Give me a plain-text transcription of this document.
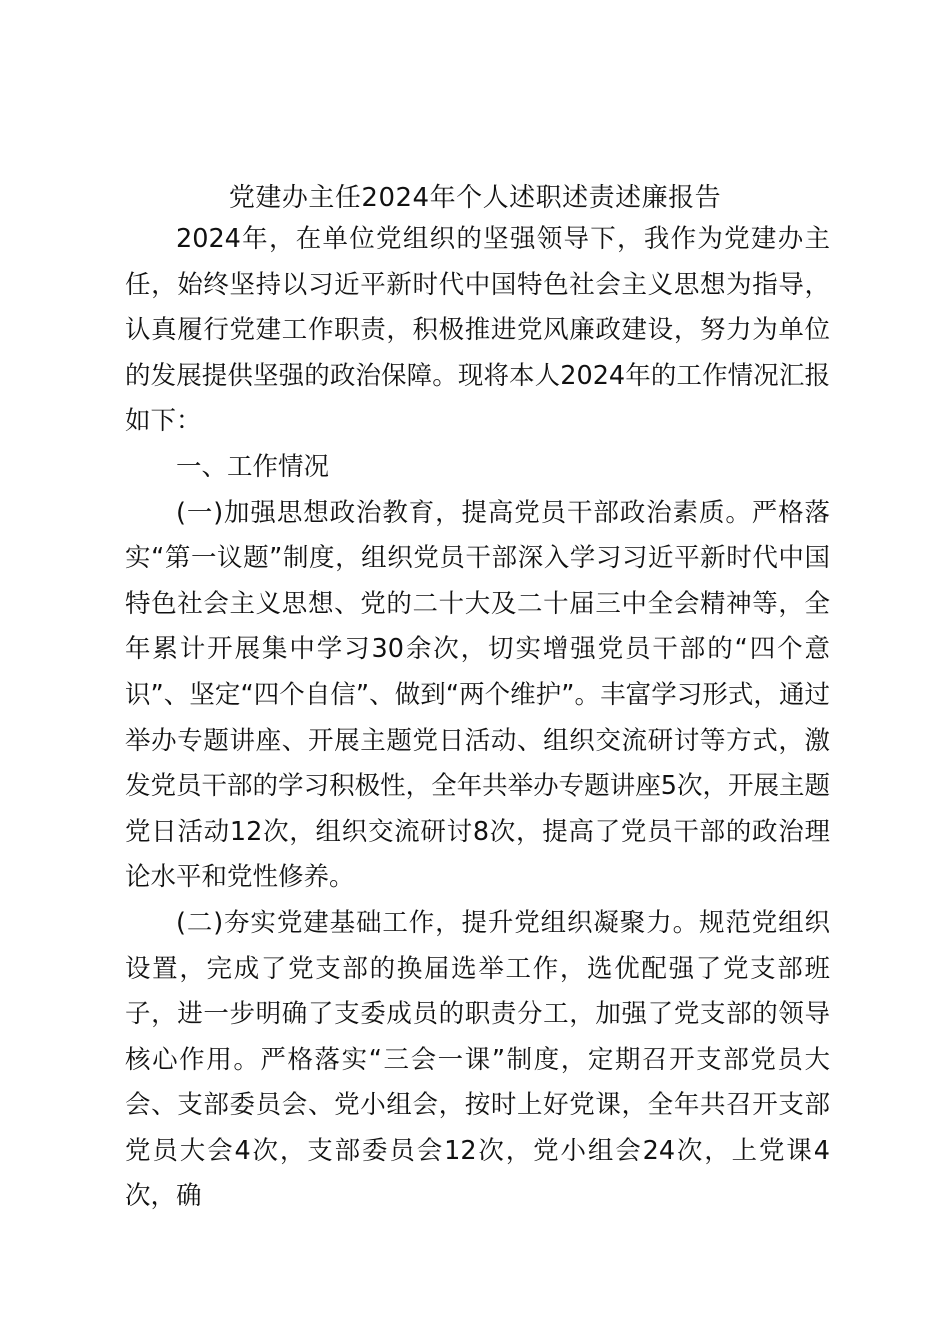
党建办主任2024年个人述职述责述廉报告

2024年，在单位党组织的坚强领导下，我作为党建办主任，始终坚持以习近平新时代中国特色社会主义思想为指导，认真履行党建工作职责，积极推进党风廉政建设，努力为单位的发展提供坚强的政治保障。现将本人2024年的工作情况汇报如下：

一、工作情况

(一)加强思想政治教育，提高党员干部政治素质。严格落实“第一议题”制度，组织党员干部深入学习习近平新时代中国特色社会主义思想、党的二十大及二十届三中全会精神等，全年累计开展集中学习30余次，切实增强党员干部的“四个意识”、坚定“四个自信”、做到“两个维护”。丰富学习形式，通过举办专题讲座、开展主题党日活动、组织交流研讨等方式，激发党员干部的学习积极性，全年共举办专题讲座5次，开展主题党日活动12次，组织交流研讨8次，提高了党员干部的政治理论水平和党性修养。

(二)夯实党建基础工作，提升党组织凝聚力。规范党组织设置，完成了党支部的换届选举工作，选优配强了党支部班子，进一步明确了支委成员的职责分工，加强了党支部的领导核心作用。严格落实“三会一课”制度，定期召开支部党员大会、支部委员会、党小组会，按时上好党课，全年共召开支部党员大会4次，支部委员会12次，党小组会24次，上党课4次，确
